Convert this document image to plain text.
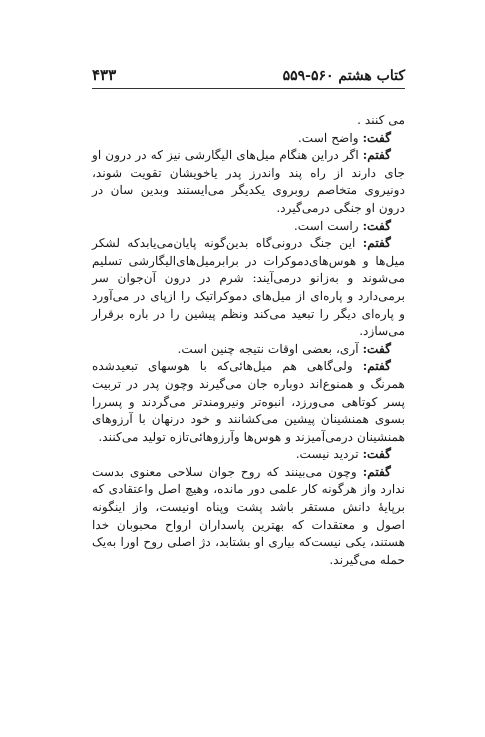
کتاب هشتم ۵۶۰-۵۵۹
۴۳۳

می کنند .

گفت: واضح است.

گفتم: اگر دراین هنگام میل‌های الیگارشی نیز که در درون او جای دارند از راه پند واندرز پدر یاخویشان تقویت شوند، دونیروی متخاصم روبروی یکدیگر می‌ایستند وبدین سان در درون او جنگی درمی‌گیرد.

گفت: راست است.

گفتم: این جنگ درونی‌گاه بدین‌گونه پایان‌می‌یابدکه لشکر میل‌ها و هوس‌های‌دموکرات در برابرمیل‌های‌الیگارشی تسلیم می‌شوند و به‌زانو درمی‌آیند: شرم در درون آن‌جوان سر برمی‌دارد و پاره‌ای از میل‌های دموکراتیک را ازپای در می‌آورد و پاره‌ای دیگر را تبعید می‌کند ونظم پیشین را در باره برقرار می‌سازد.

گفت: آری، بعضی اوقات نتیجه چنین است.

گفتم: ولی‌گاهی هم میل‌هائی‌که با هوسهای تبعیدشده همرنگ و همنوع‌اند دوباره جان می‌گیرند وچون پدر در تربیت پسر کوتاهی می‌ورزد، انبوه‌تر ونیرومندتر می‌گردند و پسررا بسوی همنشینان پیشین می‌کشانند و خود درنهان با آرزوهای همنشینان درمی‌آمیزند و هوس‌ها وآرزوهائی‌تازه تولید می‌کنند.

گفت: تردید نیست.

گفتم: وچون می‌بینند که روح جوان سلاحی معنوی بدست ندارد واز هرگونه کار علمی دور مانده، وهیچ اصل واعتقادی که برپایهٔ دانش مستقر باشد پشت وپناه اونیست، واز اینگونه اصول و معتقدات که بهترین پاسداران ارواح محبوبان خدا هستند، یکی نیست‌که بیاری او بشتابد، دژ اصلی روح اورا به‌یک حمله می‌گیرند.
